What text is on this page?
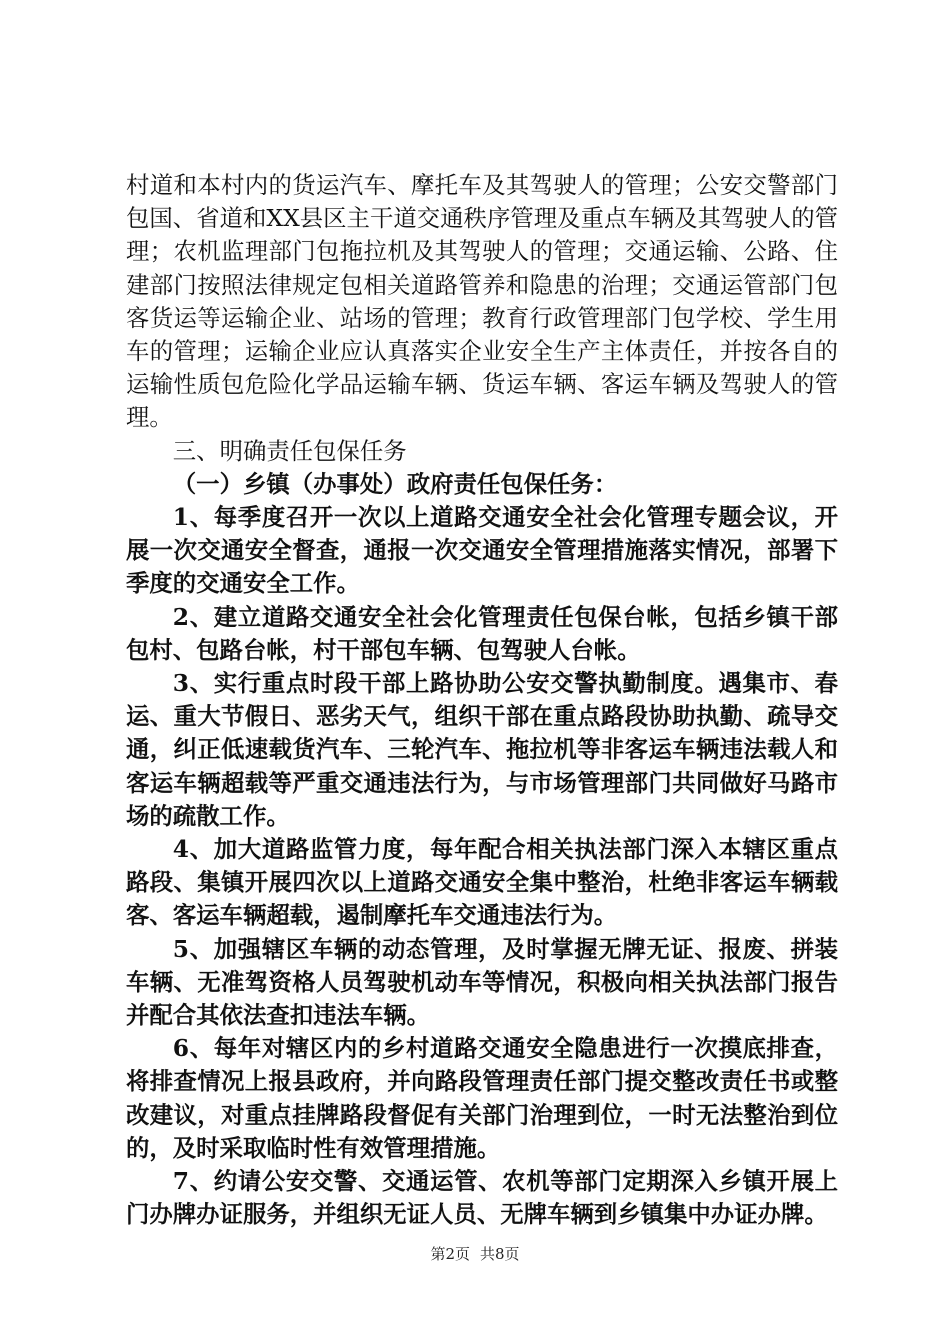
村道和本村内的货运汽车、摩托车及其驾驶人的管理；公安交警部门包国、省道和XX县区主干道交通秩序管理及重点车辆及其驾驶人的管理；农机监理部门包拖拉机及其驾驶人的管理；交通运输、公路、住建部门按照法律规定包相关道路管养和隐患的治理；交通运管部门包客货运等运输企业、站场的管理；教育行政管理部门包学校、学生用车的管理；运输企业应认真落实企业安全生产主体责任，并按各自的运输性质包危险化学品运输车辆、货运车辆、客运车辆及驾驶人的管理。

三、明确责任包保任务

（一）乡镇（办事处）政府责任包保任务：

1、每季度召开一次以上道路交通安全社会化管理专题会议，开展一次交通安全督查，通报一次交通安全管理措施落实情况，部署下季度的交通安全工作。

2、建立道路交通安全社会化管理责任包保台帐，包括乡镇干部包村、包路台帐，村干部包车辆、包驾驶人台帐。

3、实行重点时段干部上路协助公安交警执勤制度。遇集市、春运、重大节假日、恶劣天气，组织干部在重点路段协助执勤、疏导交通，纠正低速载货汽车、三轮汽车、拖拉机等非客运车辆违法载人和客运车辆超载等严重交通违法行为，与市场管理部门共同做好马路市场的疏散工作。

4、加大道路监管力度，每年配合相关执法部门深入本辖区重点路段、集镇开展四次以上道路交通安全集中整治，杜绝非客运车辆载客、客运车辆超载，遏制摩托车交通违法行为。

5、加强辖区车辆的动态管理，及时掌握无牌无证、报废、拼装车辆、无准驾资格人员驾驶机动车等情况，积极向相关执法部门报告并配合其依法查扣违法车辆。

6、每年对辖区内的乡村道路交通安全隐患进行一次摸底排查，将排查情况上报县政府，并向路段管理责任部门提交整改责任书或整改建议，对重点挂牌路段督促有关部门治理到位，一时无法整治到位的，及时采取临时性有效管理措施。

7、约请公安交警、交通运管、农机等部门定期深入乡镇开展上门办牌办证服务，并组织无证人员、无牌车辆到乡镇集中办证办牌。

第2页 共8页
